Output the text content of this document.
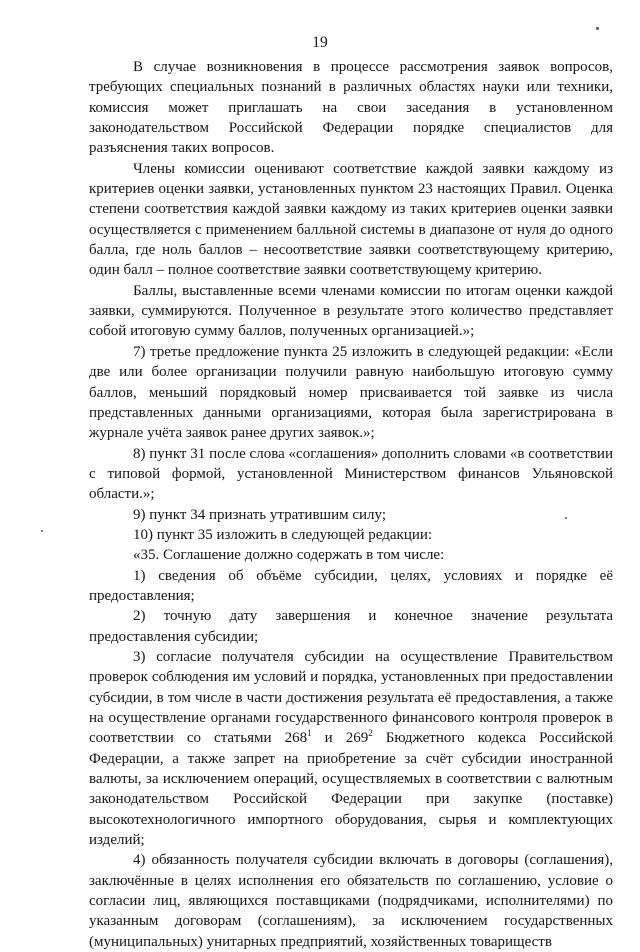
19

В случае возникновения в процессе рассмотрения заявок вопросов, требующих специальных познаний в различных областях науки или техники, комиссия может приглашать на свои заседания в установленном законодательством Российской Федерации порядке специалистов для разъяснения таких вопросов.

Члены комиссии оценивают соответствие каждой заявки каждому из критериев оценки заявки, установленных пунктом 23 настоящих Правил. Оценка степени соответствия каждой заявки каждому из таких критериев оценки заявки осуществляется с применением балльной системы в диапазоне от нуля до одного балла, где ноль баллов – несоответствие заявки соответствующему критерию, один балл – полное соответствие заявки соответствующему критерию.

Баллы, выставленные всеми членами комиссии по итогам оценки каждой заявки, суммируются. Полученное в результате этого количество представляет собой итоговую сумму баллов, полученных организацией.»;

7) третье предложение пункта 25 изложить в следующей редакции: «Если две или более организации получили равную наибольшую итоговую сумму баллов, меньший порядковый номер присваивается той заявке из числа представленных данными организациями, которая была зарегистрирована в журнале учёта заявок ранее других заявок.»;

8) пункт 31 после слова «соглашения» дополнить словами «в соответствии с типовой формой, установленной Министерством финансов Ульяновской области.»;

9) пункт 34 признать утратившим силу;

10) пункт 35 изложить в следующей редакции:

«35. Соглашение должно содержать в том числе:

1) сведения об объёме субсидии, целях, условиях и порядке её предоставления;

2) точную дату завершения и конечное значение результата предоставления субсидии;

3) согласие получателя субсидии на осуществление Правительством проверок соблюдения им условий и порядка, установленных при предоставлении субсидии, в том числе в части достижения результата её предоставления, а также на осуществление органами государственного финансового контроля проверок в соответствии со статьями $268^1$ и $269^2$ Бюджетного кодекса Российской Федерации, а также запрет на приобретение за счёт субсидии иностранной валюты, за исключением операций, осуществляемых в соответствии с валютным законодательством Российской Федерации при закупке (поставке) высокотехнологичного импортного оборудования, сырья и комплектующих изделий;

4) обязанность получателя субсидии включать в договоры (соглашения), заключённые в целях исполнения его обязательств по соглашению, условие о согласии лиц, являющихся поставщиками (подрядчиками, исполнителями) по указанным договорам (соглашениям), за исключением государственных (муниципальных) унитарных предприятий, хозяйственных товариществ
